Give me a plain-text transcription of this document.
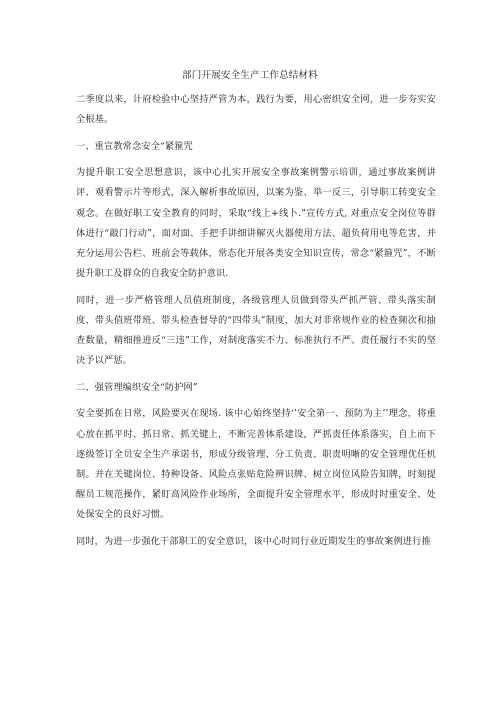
部门开展安全生产工作总结材料

二季度以来，计府检验中心坚持严管为本，践行为要，用心密织安全网，进一步夯实安全根基。

一、重宣教常念安全“紧箍咒

为提升职工安全思想意识，该中心扎实开展安全事故案例警示培训，通过事故案例讲评、观看警示片等形式，深入解析事故原因，以案为鉴、举一反三，引导职工转变安全观念。在做好职工安全教育的同时，采取“线上+线卜.”宣传方式, 对重点安全岗位等群体进行“敲门行动”，面对面、手把手讲细讲解灭火器使用方法、超负荷用电等危害，并充分运用公告栏、班前会等载体，常态化开展各类安全知识宣传，常念“紧箍咒”，不断提升职工及群众的自我安全防护意识.

同时，进一步严格管理人员值班制度，各级管理人员做到带头严抓严管、带头落实制度、带头值班带班、带头检查督导的“四带头”制度，加大对非常规作业的检查频次和抽查数量，精细推进反“三违”工作，对制度落实不力、标准执行不严、责任履行不实的坚决予以严惩。

二、强管理编织安全“防护网”

安全要抓在日常，风险要灭在现场. 该中心始终坚持‘’安全第一、预防为主’’理念，将重心放在抓平时、抓日常、抓关键上，不断完善体系建设，严抓责任体系落实，自上而下逐级签订全员安全生产承诺书，形成分级管理、分工负责、职责明晰的安全管理优任机制。并在关键岗位、特种设备、风险点张贴危险辨识牌、树立岗位风险告知牌，时刻提醒员工规范操作，紧盯高风险作业场所，全面提升安全管理水平，形成时时重安全、处处保安全的良好习惯。

同时，为进一步强化干部职工的安全意识，该中心时同行业近期发生的事故案例进行推
